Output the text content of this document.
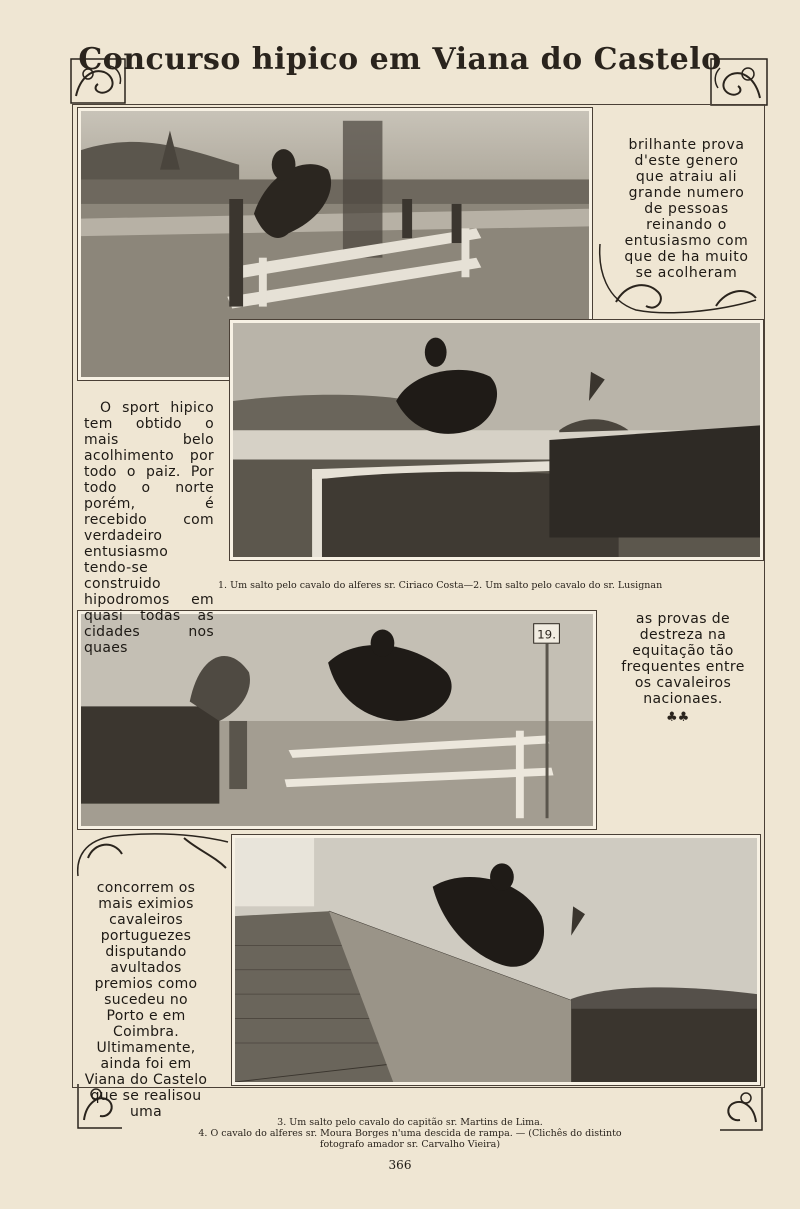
Concurso hipico em Viana do Castelo
19.

brilhante prova d'este genero que atraiu ali grande numero de pessoas reinando o entusiasmo com que de ha muito se acolheram

O sport hipico tem obtido o mais belo acolhimento por todo o paiz. Por todo o norte porém, é recebido com verdadeiro entusiasmo tendo-se construido hipodromos em quasi todas as cidades nos quaes

as provas de destreza na equitação tão frequentes entre os cavaleiros nacionaes.

♣♣

concorrem os mais eximios cavaleiros portuguezes disputando avultados premios como sucedeu no Porto e em Coimbra. Ultimamente, ainda foi em Viana do Castelo que se realisou uma

1. Um salto pelo cavalo do alferes sr. Ciriaco Costa—2. Um salto pelo cavalo do sr. Lusignan
3. Um salto pelo cavalo do capitão sr. Martins de Lima.
4. O cavalo do alferes sr. Moura Borges n'uma descida de rampa. — (Clichês do distinto
fotografo amador sr. Carvalho Vieira)
366
